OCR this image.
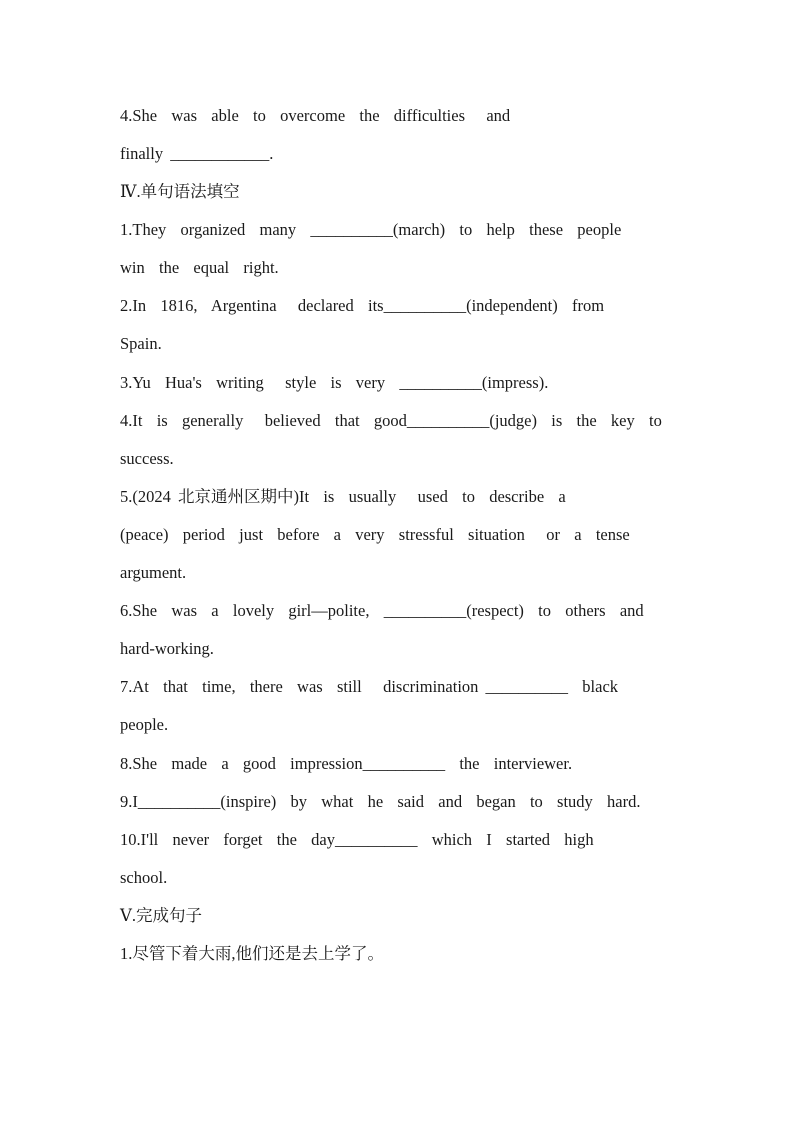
4.She  was  able  to  overcome  the  difficulties   and
finally ____________.
Ⅳ.单句语法填空
1.They  organized  many  __________(march)  to  help  these  people
win  the  equal  right.
2.In  1816,  Argentina   declared  its__________(independent)  from
Spain.
3.Yu  Hua's  writing   style  is  very  __________(impress).
4.It  is  generally   believed  that  good__________(judge)  is  the  key  to
success.
5.(2024 北京通州区期中)It  is  usually   used  to  describe  a
(peace)  period  just  before  a  very  stressful  situation   or  a  tense
argument.
6.She  was  a  lovely  girl—polite,  __________(respect)  to  others  and
hard-working.
7.At  that  time,  there  was  still   discrimination __________  black
people.
8.She  made  a  good  impression__________  the  interviewer.
9.I__________(inspire)  by  what  he  said  and  began  to  study  hard.
10.I'll  never  forget  the  day__________  which  I  started  high
school.
Ⅴ.完成句子
1.尽管下着大雨,他们还是去上学了。
